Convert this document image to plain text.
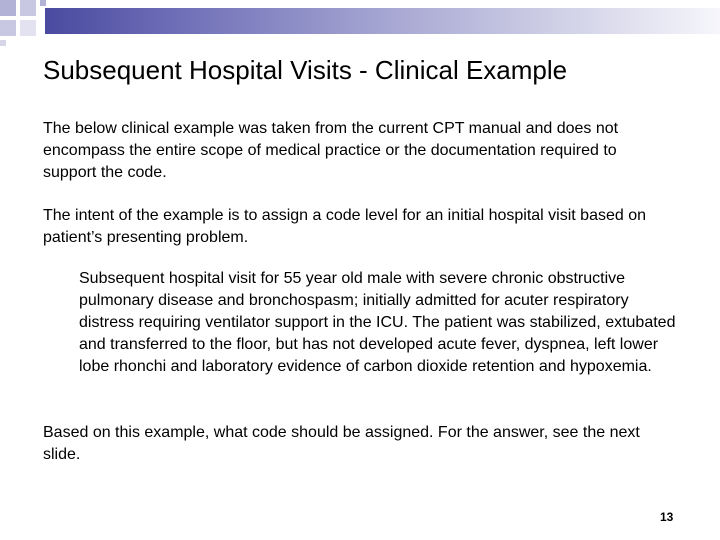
Subsequent Hospital Visits - Clinical Example

The below clinical example was taken from the current CPT manual and does not encompass the entire scope of medical practice or the documentation required to support the code.

The intent of the example is to assign a code level for an initial hospital visit based on patient’s presenting problem.

Subsequent hospital visit for 55 year old male with severe chronic obstructive pulmonary disease and bronchospasm; initially admitted for acuter respiratory distress requiring ventilator support in the ICU. The patient was stabilized, extubated and transferred to the floor, but has not developed acute fever, dyspnea, left lower lobe rhonchi and laboratory evidence of carbon dioxide retention and hypoxemia.

Based on this example, what code should be assigned. For the answer, see the next slide.

13
